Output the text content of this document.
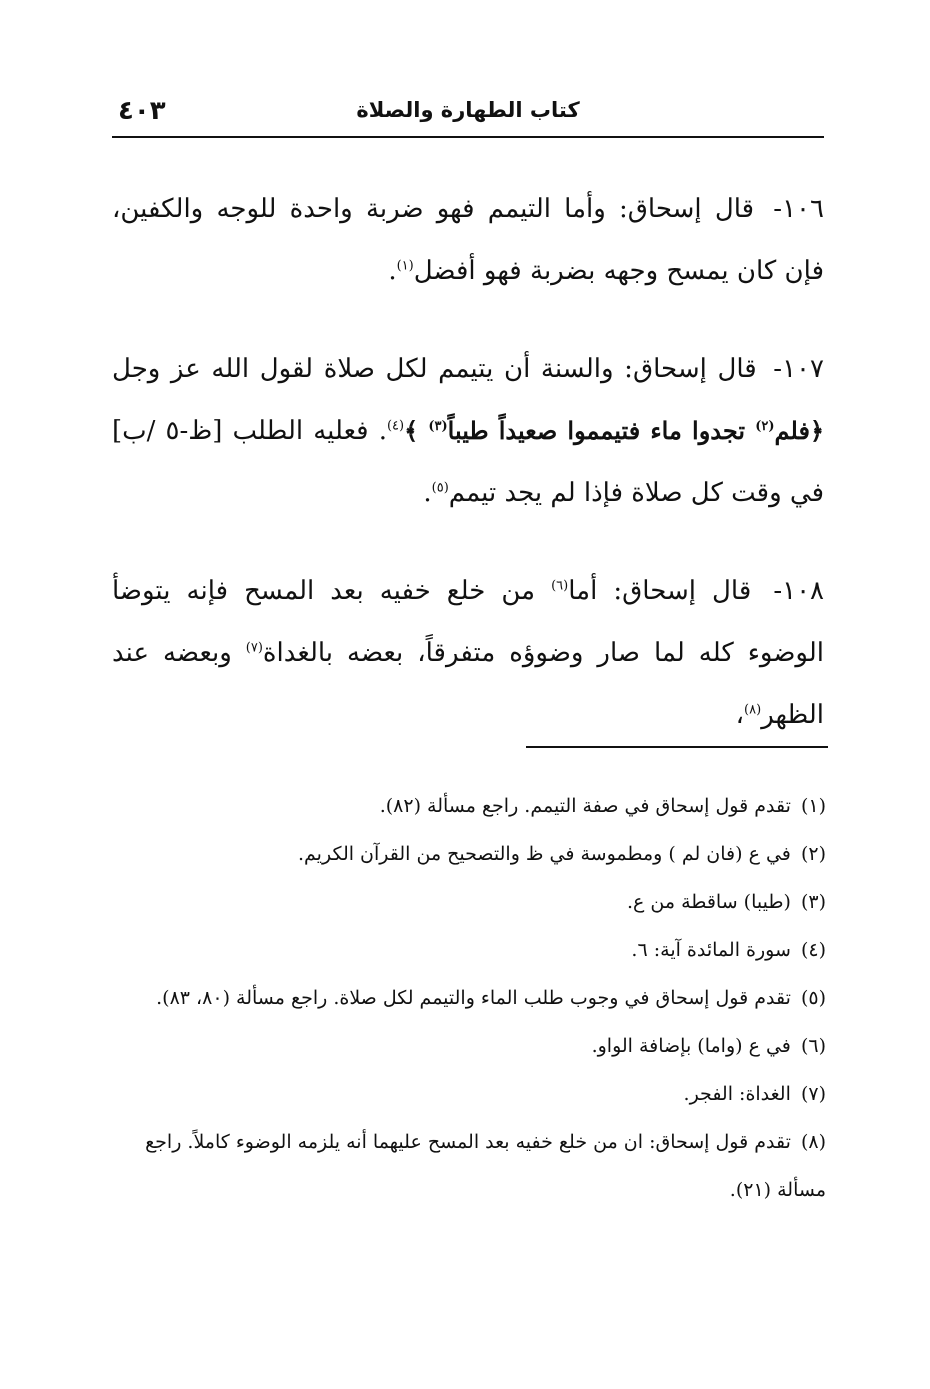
٤٠٣	كتاب الطهارة والصلاة

١٠٦- قال إسحاق: وأما التيمم فهو ضربة واحدة للوجه والكفين، فإن كان يمسح وجهه بضربة فهو أفضل$^{(١)}$.

١٠٧- قال إسحاق: والسنة أن يتيمم لكل صلاة لقول الله عز وجل ﴿فلم$^{(٢)}$ تجدوا ماء فتيمموا صعيداً طيباً$^{(٣)}$ ﴾$^{(٤)}$. فعليه الطلب [ظ-٥ /ب] في وقت كل صلاة فإذا لم يجد تيمم$^{(٥)}$.

١٠٨- قال إسحاق: أما$^{(٦)}$ من خلع خفيه بعد المسح فإنه يتوضأ الوضوء كله لما صار وضوؤه متفرقاً، بعضه بالغداة$^{(٧)}$ وبعضه عند الظهر$^{(٨)}$،

(١) تقدم قول إسحاق في صفة التيمم. راجع مسألة (٨٢).

(٢) في ع (فان لم ) ومطموسة في ظ والتصحيح من القرآن الكريم.

(٣) (طيبا) ساقطة من ع.

(٤) سورة المائدة آية: ٦.

(٥) تقدم قول إسحاق في وجوب طلب الماء والتيمم لكل صلاة. راجع مسألة (٨٠، ٨٣).

(٦) في ع (واما) بإضافة الواو.

(٧) الغداة: الفجر.

(٨) تقدم قول إسحاق: ان من خلع خفيه بعد المسح عليهما أنه يلزمه الوضوء كاملاً. راجع مسألة (٢١).
